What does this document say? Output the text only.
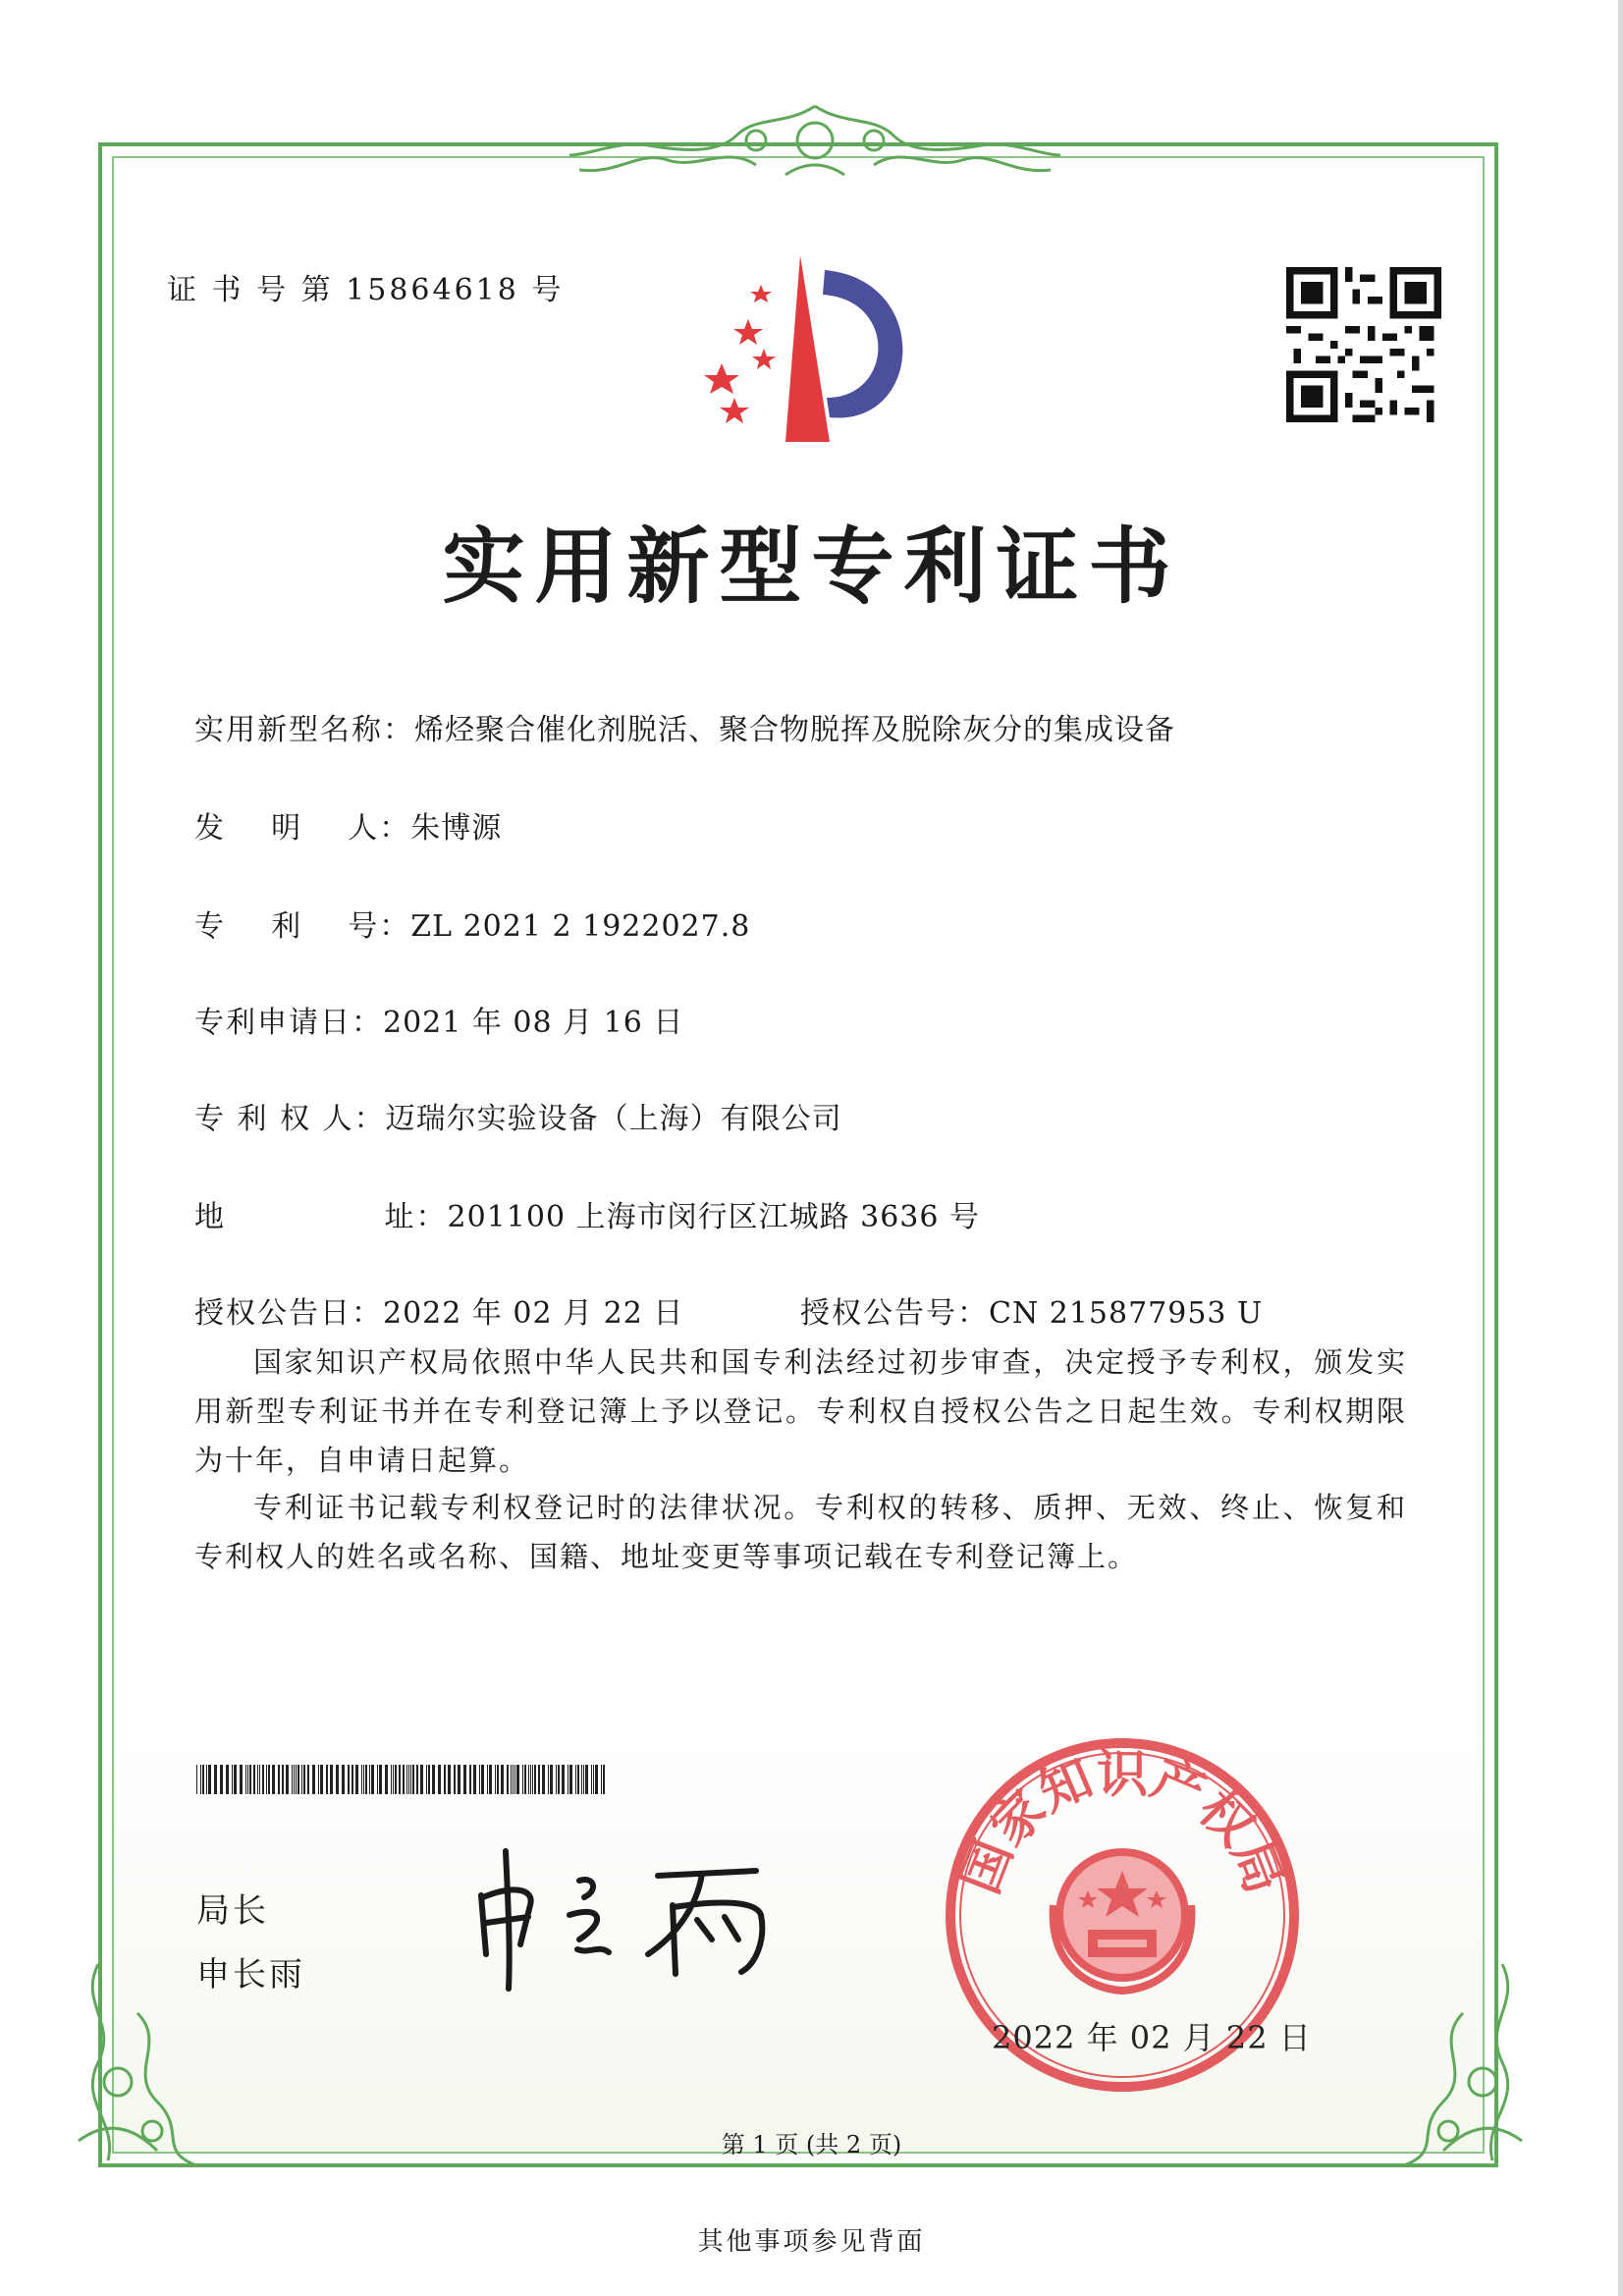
证 书 号 第 15864618 号
实用新型专利证书
实用新型名称：烯烃聚合催化剂脱活、聚合物脱挥及脱除灰分的集成设备
发    明    人：朱博源
专    利    号：ZL 2021 2 1922027.8
专利申请日：2021 年 08 月 16 日
专 利 权 人：迈瑞尔实验设备（上海）有限公司
地              址：201100 上海市闵行区江城路 3636 号
授权公告日：2022 年 02 月 22 日	授权公告号：CN 215877953 U

国家知识产权局依照中华人民共和国专利法经过初步审查，决定授予专利权，颁发实用新型专利证书并在专利登记簿上予以登记。专利权自授权公告之日起生效。专利权期限为十年，自申请日起算。

专利证书记载专利权登记时的法律状况。专利权的转移、质押、无效、终止、恢复和专利权人的姓名或名称、国籍、地址变更等事项记载在专利登记簿上。

局长
申长雨
国家知识产权局
2022 年 02 月 22 日
第 1 页 (共 2 页)
其他事项参见背面
